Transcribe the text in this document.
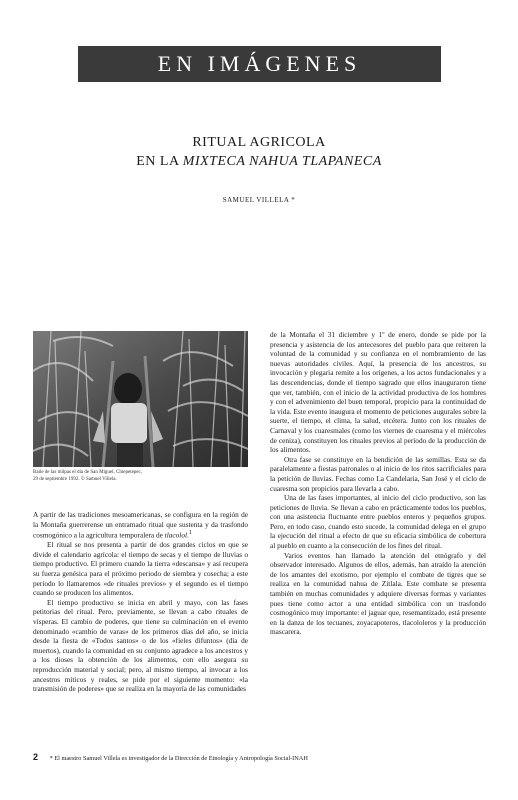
EN IMÁGENES
RITUAL AGRICOLA
EN LA MIXTECA NAHUA TLAPANECA
SAMUEL VILLELA *
Baile de las milpas el día de San Miguel, Chiepetepec,
29 de septiembre 1992. © Samuel Villela.

A partir de las tradiciones mesoamericanas, se configura en la región de la Montaña guerrerense un entramado ritual que sustenta y da trasfondo cosmogónico a la agricultura temporalera de tlacolol.$^1$

El ritual se nos presenta a partir de dos grandes ciclos en que se divide el calendario agrícola: el tiempo de secas y el tiempo de lluvias o tiempo productivo. El primero cuando la tierra «descansa» y así recupera su fuerza genésica para el próximo periodo de siembra y cosecha; a este periodo lo llamaremos «de rituales previos» y el segundo es el tiempo cuando se producen los alimentos.

El tiempo productivo se inicia en abril y mayo, con las fases petitorias del ritual. Pero, previamente, se llevan a cabo rituales de vísperas. El cambio de poderes, que tiene su culminación en el evento denominado «cambio de varas» de los primeros días del año, se inicia desde la fiesta de «Todos santos» o de los «fieles difuntos» (día de muertos), cuando la comunidad en su conjunto agradece a los ancestros y a los dioses la obtención de los alimentos, con ello asegura su reproducción material y social; pero, al mismo tiempo, al invocar a los ancestros míticos y reales, se pide por el siguiente momento: «la transmisión de poderes» que se realiza en la mayoría de las comunidades

de la Montaña el 31 diciembre y 1º de enero, donde se pide por la presencia y asistencia de los antecesores del pueblo para que reiteren la voluntad de la comunidad y su confianza en el nombramiento de las nuevas autoridades civiles. Aquí, la presencia de los ancestros, su invocación y plegaria remite a los orígenes, a los actos fundacionales y a las descendencias, donde el tiempo sagrado que ellos inauguraron tiene que ver, también, con el inicio de la actividad productiva de los hombres y con el advenimiento del buen temporal, propicio para la continuidad de la vida. Este evento inaugura el momento de peticiones augurales sobre la suerte, el tiempo, el clima, la salud, etcétera. Junto con los rituales de Carnaval y los cuaresmales (como los viernes de cuaresma y el miércoles de ceniza), constituyen los rituales previos al período de la producción de los alimentos.

Otra fase se constituye en la bendición de las semillas. Esta se da paralelamente a fiestas patronales o al inicio de los ritos sacrificiales para la petición de lluvias. Fechas como La Candelaria, San José y el ciclo de cuaresma son propicios para llevarla a cabo.

Una de las fases importantes, al inicio del ciclo productivo, son las peticiones de lluvia. Se llevan a cabo en prácticamente todos los pueblos, con una asistencia fluctuante entre pueblos enteros y pequeños grupos. Pero, en todo caso, cuando esto sucede, la comunidad delega en el grupo la ejecución del ritual a efecto de que su eficacia simbólica de cobertura al pueblo en cuanto a la consecución de los fines del ritual.

Varios eventos han llamado la atención del etnógrafo y del observador interesado. Algunos de ellos, además, han atraído la atención de los amantes del exotismo, por ejemplo el combate de tigres que se realiza en la comunidad nahua de Zitlala. Este combate se presenta también en muchas comunidades y adquiere diversas formas y variantes pues tiene como actor a una entidad simbólica con un trasfondo cosmogónico muy importante: el jaguar que, resemantizado, está presente en la danza de los tecuanes, zoyacapoteros, tlacololeros y la producción mascarera.

2 * El maestro Samuel Villela es investigador de la Dirección de Etnología y Antropología Social-INAH
